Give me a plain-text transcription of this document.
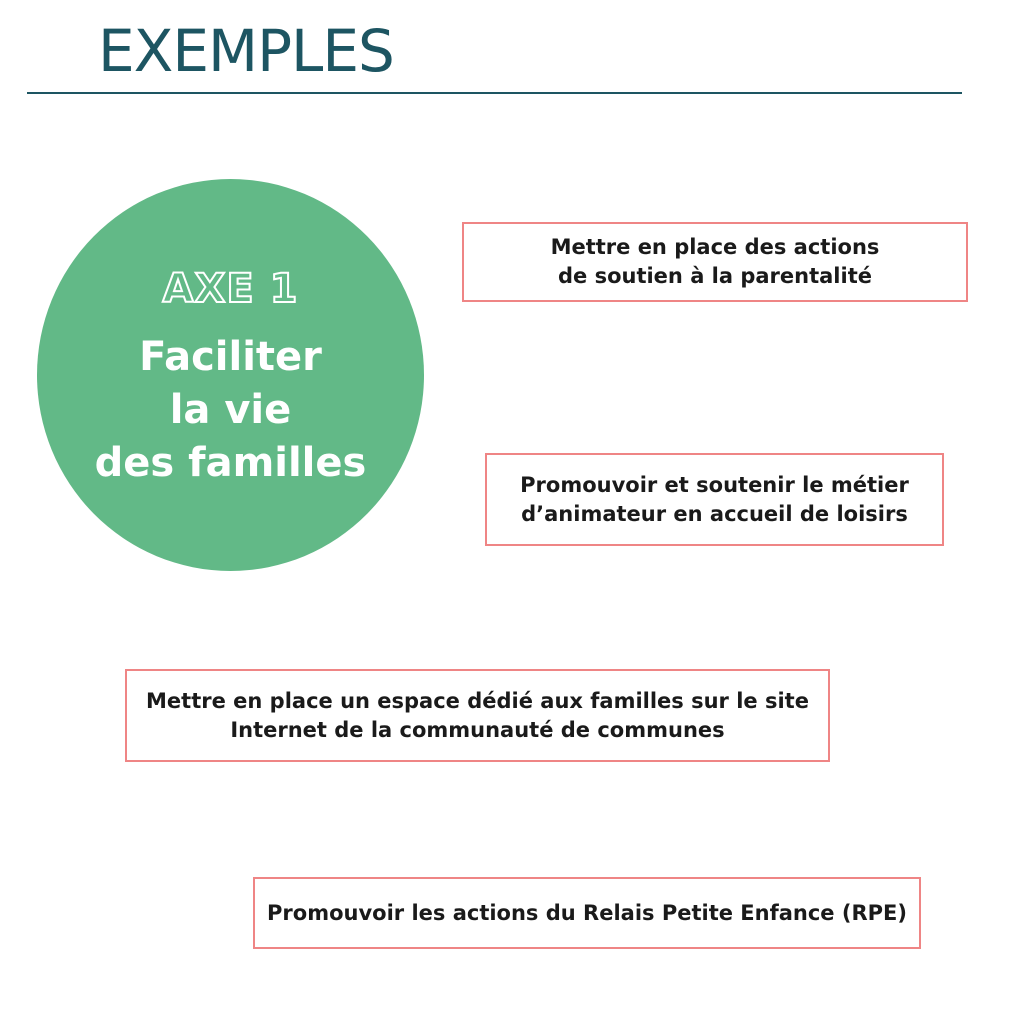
EXEMPLES
AXE 1
Faciliter
la vie
des familles
Mettre en place des actions
de soutien à la parentalité
Promouvoir et soutenir le métier
d’animateur en accueil de loisirs
Mettre en place un espace dédié aux familles sur le site
Internet de la communauté de communes
Promouvoir les actions du Relais Petite Enfance (RPE)
